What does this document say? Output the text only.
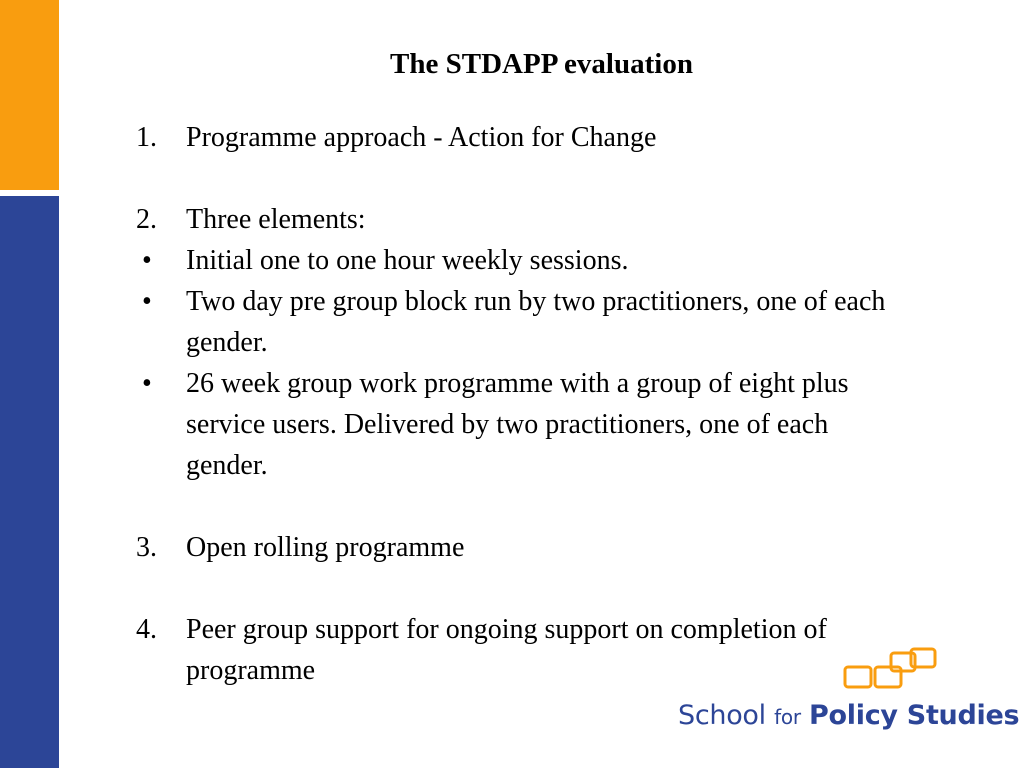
The STDAPP evaluation
1.	Programme approach - Action for Change
2.	Three elements:
•	Initial one to one hour weekly sessions.
•	Two day pre group block run by two practitioners, one of each gender.
•	26 week group work programme with a group of eight plus service users. Delivered by two practitioners, one of each gender.
3.	Open rolling programme
4.	Peer group support for ongoing support on completion of programme
School for Policy Studies
